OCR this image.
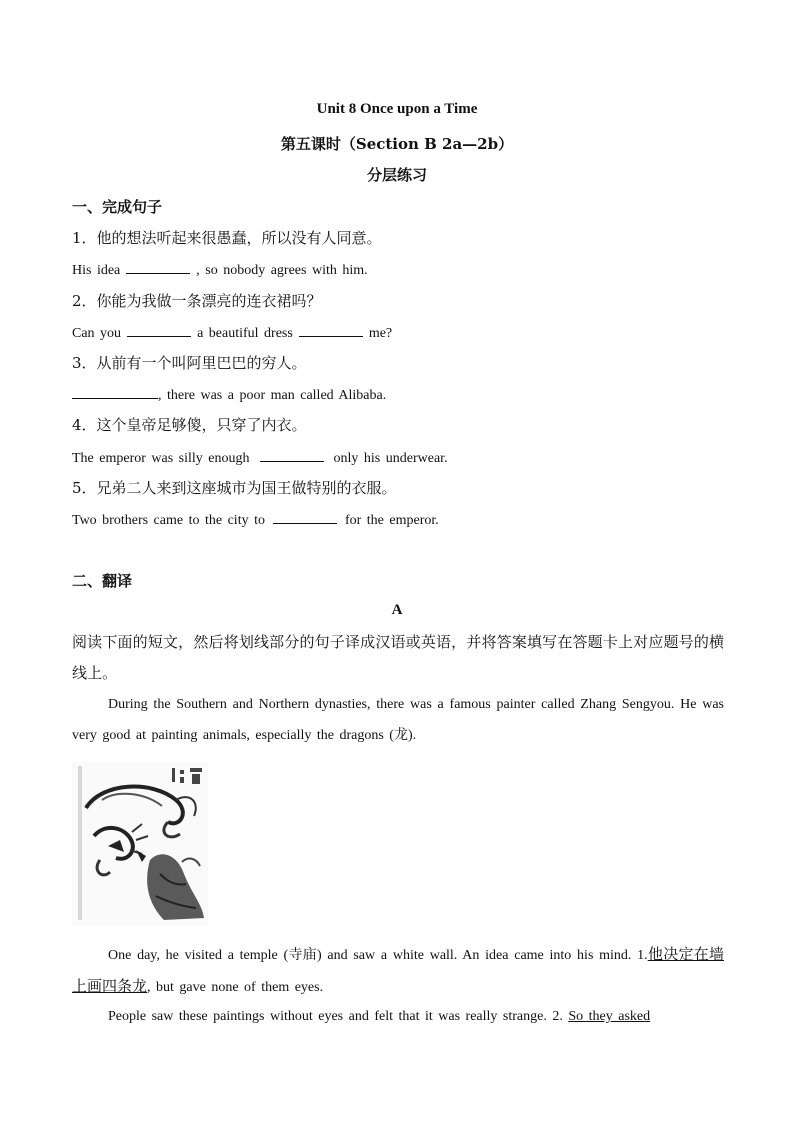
Unit 8 Once upon a Time
第五课时（Section B 2a—2b）
分层练习
一、完成句子
1．他的想法听起来很愚蠢，所以没有人同意。
His idea	, so nobody agrees with him.
2．你能为我做一条漂亮的连衣裙吗？
Can you	a beautiful dress	me?
3．从前有一个叫阿里巴巴的穷人。
, there was a poor man called Alibaba.
4．这个皇帝足够傻，只穿了内衣。
The emperor was silly enough	only his underwear.
5．兄弟二人来到这座城市为国王做特别的衣服。
Two brothers came to the city to	for the emperor.
二、翻译
A
阅读下面的短文，然后将划线部分的句子译成汉语或英语，并将答案填写在答题卡上对应题号的横线上。
During the Southern and Northern dynasties, there was a famous painter called Zhang Sengyou. He was very good at painting animals, especially the dragons (龙).
One day, he visited a temple (寺庙) and saw a white wall. An idea came into his mind. 1.他决定在墙上画四条龙, but gave none of them eyes.
People saw these paintings without eyes and felt that it was really strange. 2. So they asked
